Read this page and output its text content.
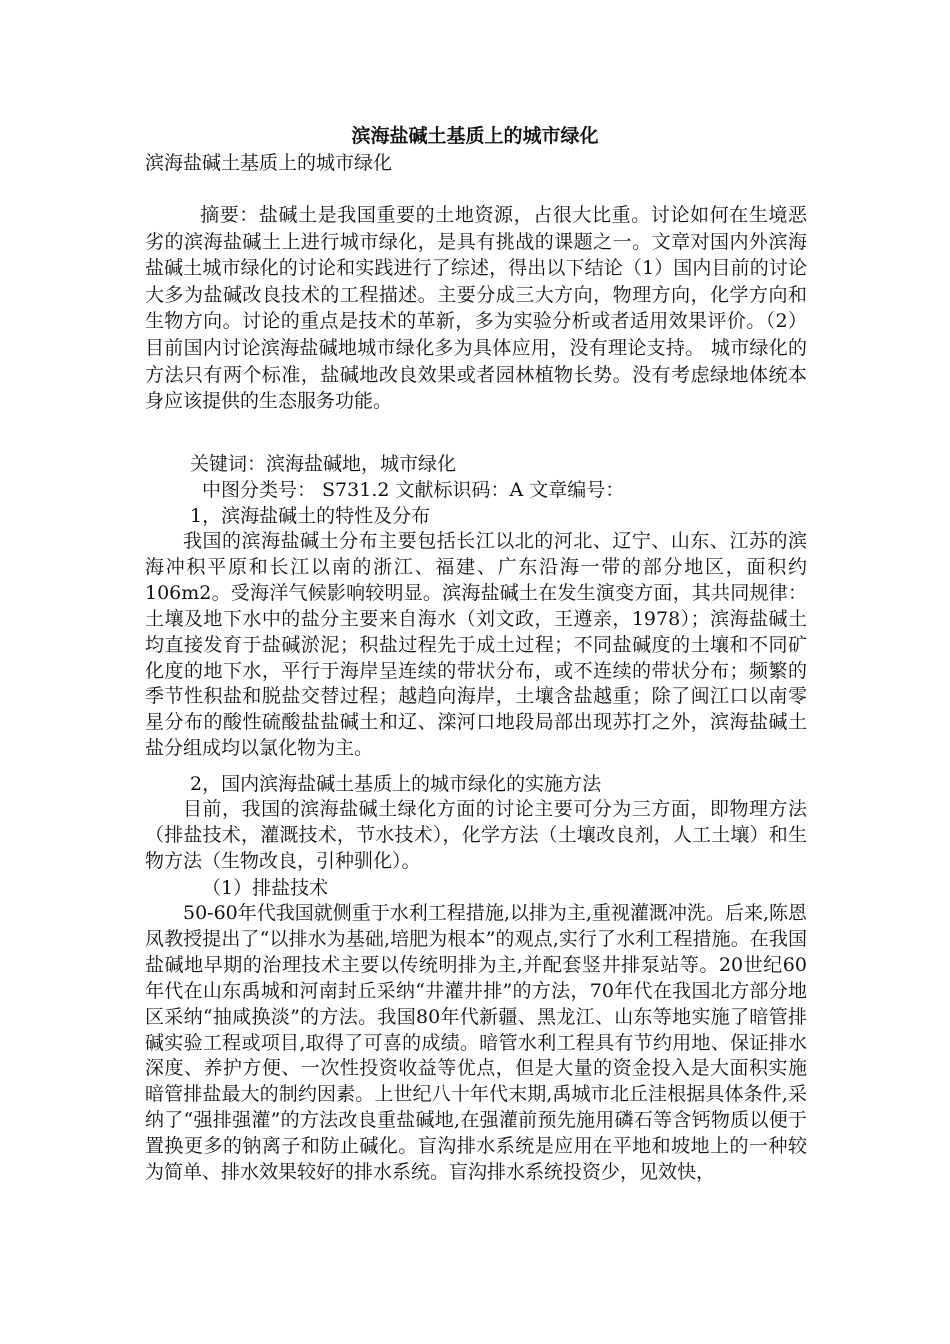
滨海盐碱土基质上的城市绿化
滨海盐碱土基质上的城市绿化
摘要：盐碱土是我国重要的土地资源，占很大比重。讨论如何在生境恶劣的滨海盐碱土上进行城市绿化，是具有挑战的课题之一。文章对国内外滨海盐碱土城市绿化的讨论和实践进行了综述，得出以下结论（1）国内目前的讨论大多为盐碱改良技术的工程描述。主要分成三大方向，物理方向，化学方向和生物方向。讨论的重点是技术的革新，多为实验分析或者适用效果评价。（2）目前国内讨论滨海盐碱地城市绿化多为具体应用，没有理论支持。 城市绿化的方法只有两个标准，盐碱地改良效果或者园林植物长势。没有考虑绿地体统本身应该提供的生态服务功能。
关键词：滨海盐碱地，城市绿化
中图分类号： S731.2 文献标识码：A 文章编号：
1，滨海盐碱土的特性及分布
我国的滨海盐碱土分布主要包括长江以北的河北、辽宁、山东、江苏的滨海冲积平原和长江以南的浙江、福建、广东沿海一带的部分地区，面积约106m2。受海洋气候影响较明显。滨海盐碱土在发生演变方面，其共同规律：土壤及地下水中的盐分主要来自海水（刘文政，王遵亲，1978）；滨海盐碱土均直接发育于盐碱淤泥；积盐过程先于成土过程；不同盐碱度的土壤和不同矿化度的地下水，平行于海岸呈连续的带状分布，或不连续的带状分布；频繁的季节性积盐和脱盐交替过程；越趋向海岸，土壤含盐越重；除了闽江口以南零星分布的酸性硫酸盐盐碱土和辽、滦河口地段局部出现苏打之外，滨海盐碱土盐分组成均以氯化物为主。
2，国内滨海盐碱土基质上的城市绿化的实施方法
目前，我国的滨海盐碱土绿化方面的讨论主要可分为三方面，即物理方法（排盐技术，灌溉技术，节水技术），化学方法（土壤改良剂，人工土壤）和生物方法（生物改良，引种驯化）。
（1）排盐技术
50-60年代我国就侧重于水利工程措施,以排为主,重视灌溉冲洗。后来,陈恩凤教授提出了“以排水为基础,培肥为根本”的观点,实行了水利工程措施。在我国盐碱地早期的治理技术主要以传统明排为主,并配套竖井排泵站等。20世纪60年代在山东禹城和河南封丘采纳“井灌井排”的方法，70年代在我国北方部分地区采纳“抽咸换淡”的方法。我国80年代新疆、黑龙江、山东等地实施了暗管排碱实验工程或项目,取得了可喜的成绩。暗管水利工程具有节约用地、保证排水深度、养护方便、一次性投资收益等优点，但是大量的资金投入是大面积实施暗管排盐最大的制约因素。上世纪八十年代末期,禹城市北丘洼根据具体条件,采纳了“强排强灌”的方法改良重盐碱地,在强灌前预先施用磷石等含钙物质以便于置换更多的钠离子和防止碱化。盲沟排水系统是应用在平地和坡地上的一种较为简单、排水效果较好的排水系统。盲沟排水系统投资少，见效快，
